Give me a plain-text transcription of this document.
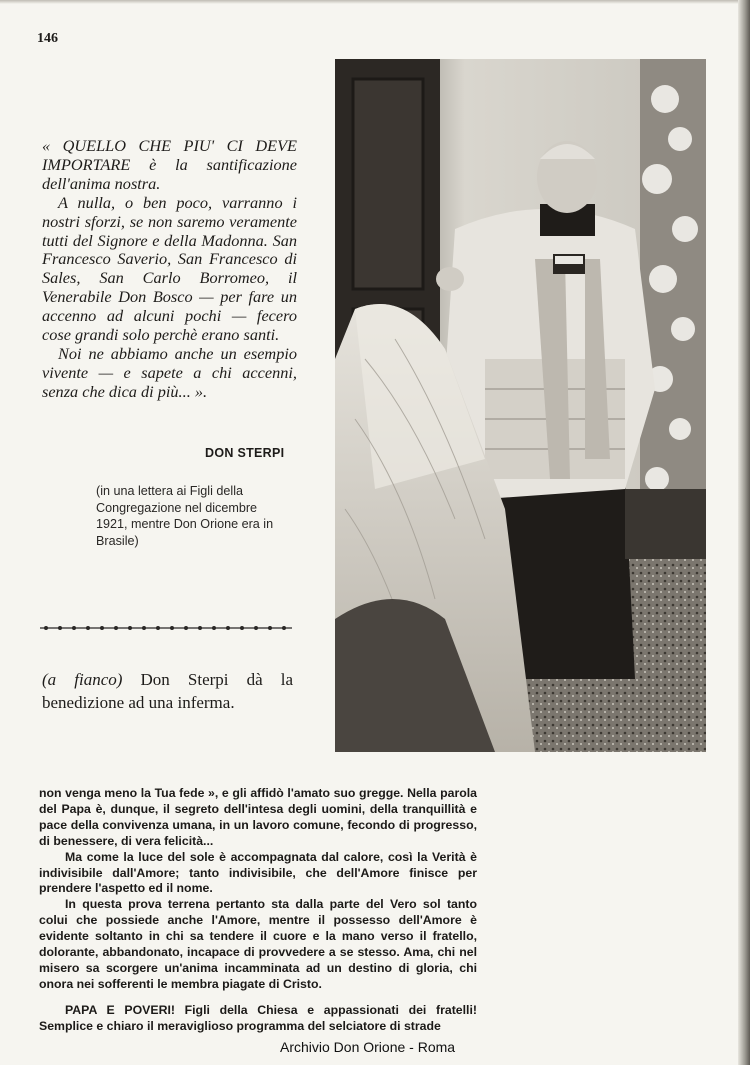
146

« QUELLO CHE PIU' CI DEVE IMPORTARE è la santificazione dell'anima nostra.

A nulla, o ben poco, varranno i nostri sforzi, se non saremo veramente tutti del Signore e della Madonna. San Francesco Saverio, San Francesco di Sales, San Carlo Borromeo, il Venerabile Don Bosco — per fare un accenno ad alcuni pochi — fecero cose grandi solo perchè erano santi.

Noi ne abbiamo anche un esempio vivente — e sapete a chi accenni, senza che dica di più... ».

DON STERPI
(in una lettera ai Figli della Congregazione nel dicembre 1921, mentre Don Orione era in Brasile)
(a fianco) Don Sterpi dà la benedizione ad una inferma.

non venga meno la Tua fede », e gli affidò l'amato suo gregge. Nella parola del Papa è, dunque, il segreto dell'intesa degli uomini, della tranquillità e pace della convivenza umana, in un lavoro comune, fecondo di progresso, di benessere, di vera felicità...

Ma come la luce del sole è accompagnata dal calore, così la Verità è indivisibile dall'Amore; tanto indivisibile, che dell'Amore finisce per prendere l'aspetto ed il nome.

In questa prova terrena pertanto sta dalla parte del Vero sol tanto colui che possiede anche l'Amore, mentre il possesso dell'Amore è evidente soltanto in chi sa tendere il cuore e la mano verso il fratello, dolorante, abbandonato, incapace di provvedere a se stesso. Ama, chi nel misero sa scorgere un'anima incamminata ad un destino di gloria, chi onora nei sofferenti le membra piagate di Cristo.

PAPA E POVERI! Figli della Chiesa e appassionati dei fratelli! Semplice e chiaro il meraviglioso programma del selciatore di strade

Archivio Don Orione - Roma
